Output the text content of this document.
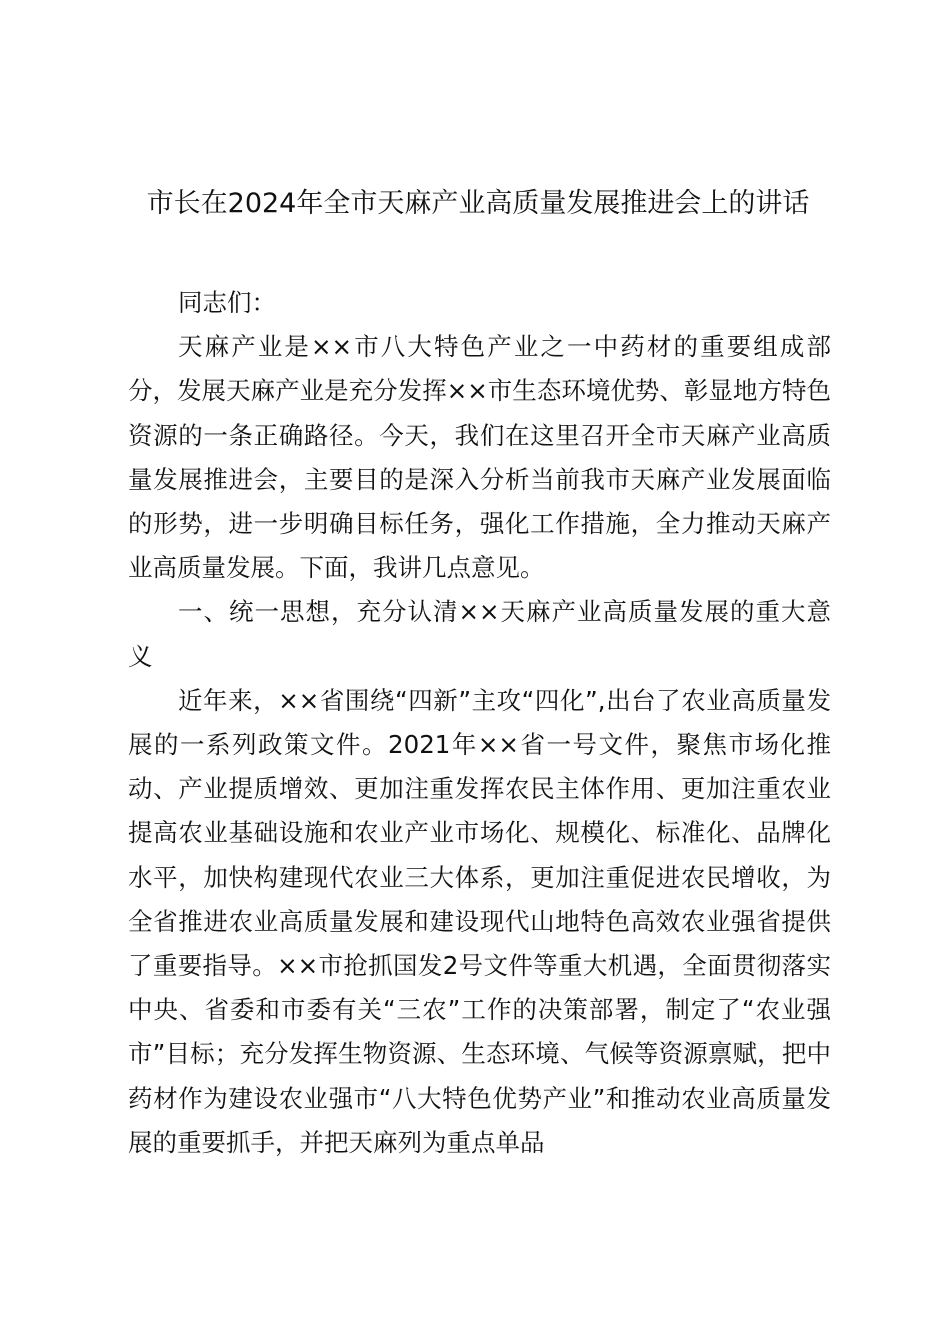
市长在2024年全市天麻产业高质量发展推进会上的讲话

同志们：

天麻产业是××市八大特色产业之一中药材的重要组成部分，发展天麻产业是充分发挥××市生态环境优势、彰显地方特色资源的一条正确路径。今天，我们在这里召开全市天麻产业高质量发展推进会，主要目的是深入分析当前我市天麻产业发展面临的形势，进一步明确目标任务，强化工作措施，全力推动天麻产业高质量发展。下面，我讲几点意见。

一、统一思想，充分认清××天麻产业高质量发展的重大意义

近年来，××省围绕“四新”主攻“四化”,出台了农业高质量发展的一系列政策文件。2021年××省一号文件，聚焦市场化推动、产业提质增效、更加注重发挥农民主体作用、更加注重农业提高农业基础设施和农业产业市场化、规模化、标准化、品牌化水平，加快构建现代农业三大体系，更加注重促进农民增收，为全省推进农业高质量发展和建设现代山地特色高效农业强省提供了重要指导。××市抢抓国发2号文件等重大机遇，全面贯彻落实中央、省委和市委有关“三农”工作的决策部署，制定了“农业强市”目标；充分发挥生物资源、生态环境、气候等资源禀赋，把中药材作为建设农业强市“八大特色优势产业”和推动农业高质量发展的重要抓手，并把天麻列为重点单品
